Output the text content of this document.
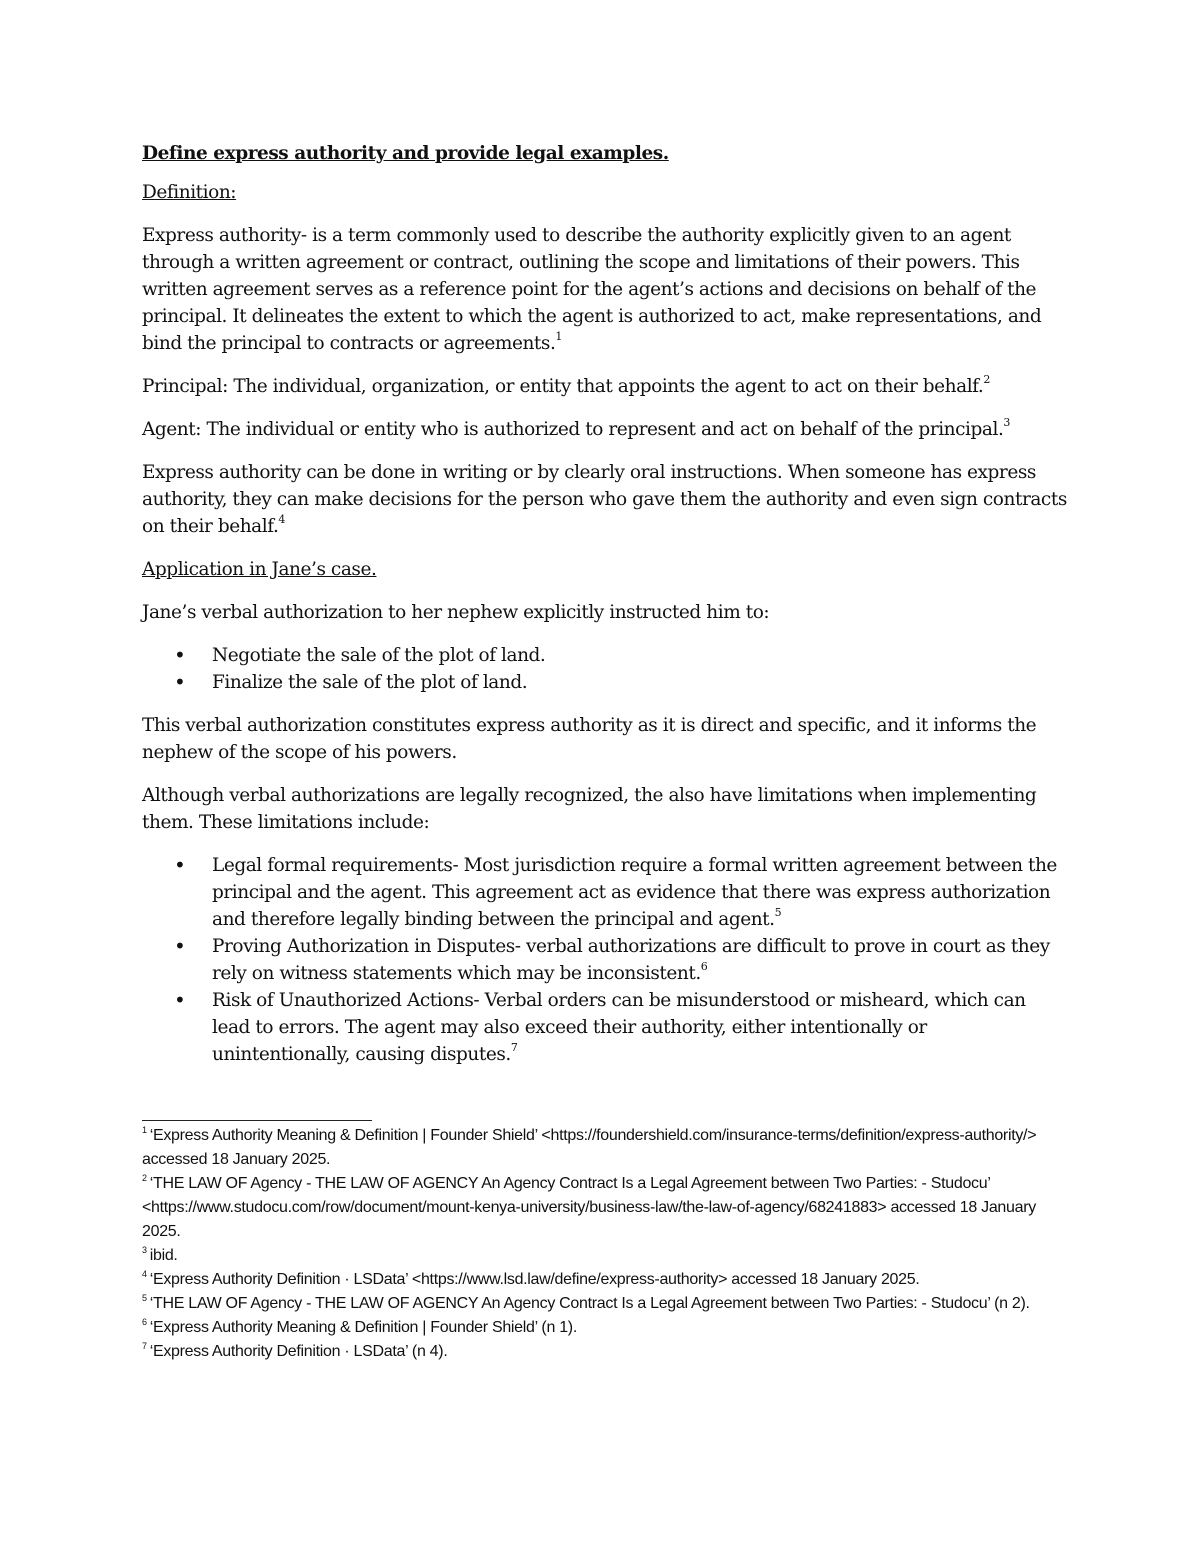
Define express authority and provide legal examples.

Definition:

Express authority- is a term commonly used to describe the authority explicitly given to an agent through a written agreement or contract, outlining the scope and limitations of their powers. This written agreement serves as a reference point for the agent’s actions and decisions on behalf of the principal. It delineates the extent to which the agent is authorized to act, make representations, and bind the principal to contracts or agreements.$^1$

Principal: The individual, organization, or entity that appoints the agent to act on their behalf.$^2$

Agent: The individual or entity who is authorized to represent and act on behalf of the principal.$^3$

Express authority can be done in writing or by clearly oral instructions. When someone has express authority, they can make decisions for the person who gave them the authority and even sign contracts on their behalf.$^4$

Application in Jane’s case.

Jane’s verbal authorization to her nephew explicitly instructed him to:

• Negotiate the sale of the plot of land.
• Finalize the sale of the plot of land.

This verbal authorization constitutes express authority as it is direct and specific, and it informs the nephew of the scope of his powers.

Although verbal authorizations are legally recognized, the also have limitations when implementing them. These limitations include:

• Legal formal requirements- Most jurisdiction require a formal written agreement between the principal and the agent. This agreement act as evidence that there was express authorization and therefore legally binding between the principal and agent.$^5$
• Proving Authorization in Disputes- verbal authorizations are difficult to prove in court as they rely on witness statements which may be inconsistent.$^6$
• Risk of Unauthorized Actions- Verbal orders can be misunderstood or misheard, which can lead to errors. The agent may also exceed their authority, either intentionally or unintentionally, causing disputes.$^7$

$^1$ ‘Express Authority Meaning & Definition | Founder Shield’ <https://foundershield.com/insurance-terms/definition/express-authority/> accessed 18 January 2025.

$^2$ ‘THE LAW OF Agency - THE LAW OF AGENCY An Agency Contract Is a Legal Agreement between Two Parties: - Studocu’ <https://www.studocu.com/row/document/mount-kenya-university/business-law/the-law-of-agency/68241883> accessed 18 January 2025.

$^3$ ibid.

$^4$ ‘Express Authority Definition · LSData’ <https://www.lsd.law/define/express-authority> accessed 18 January 2025.

$^5$ ‘THE LAW OF Agency - THE LAW OF AGENCY An Agency Contract Is a Legal Agreement between Two Parties: - Studocu’ (n 2).

$^6$ ‘Express Authority Meaning & Definition | Founder Shield’ (n 1).

$^7$ ‘Express Authority Definition · LSData’ (n 4).
